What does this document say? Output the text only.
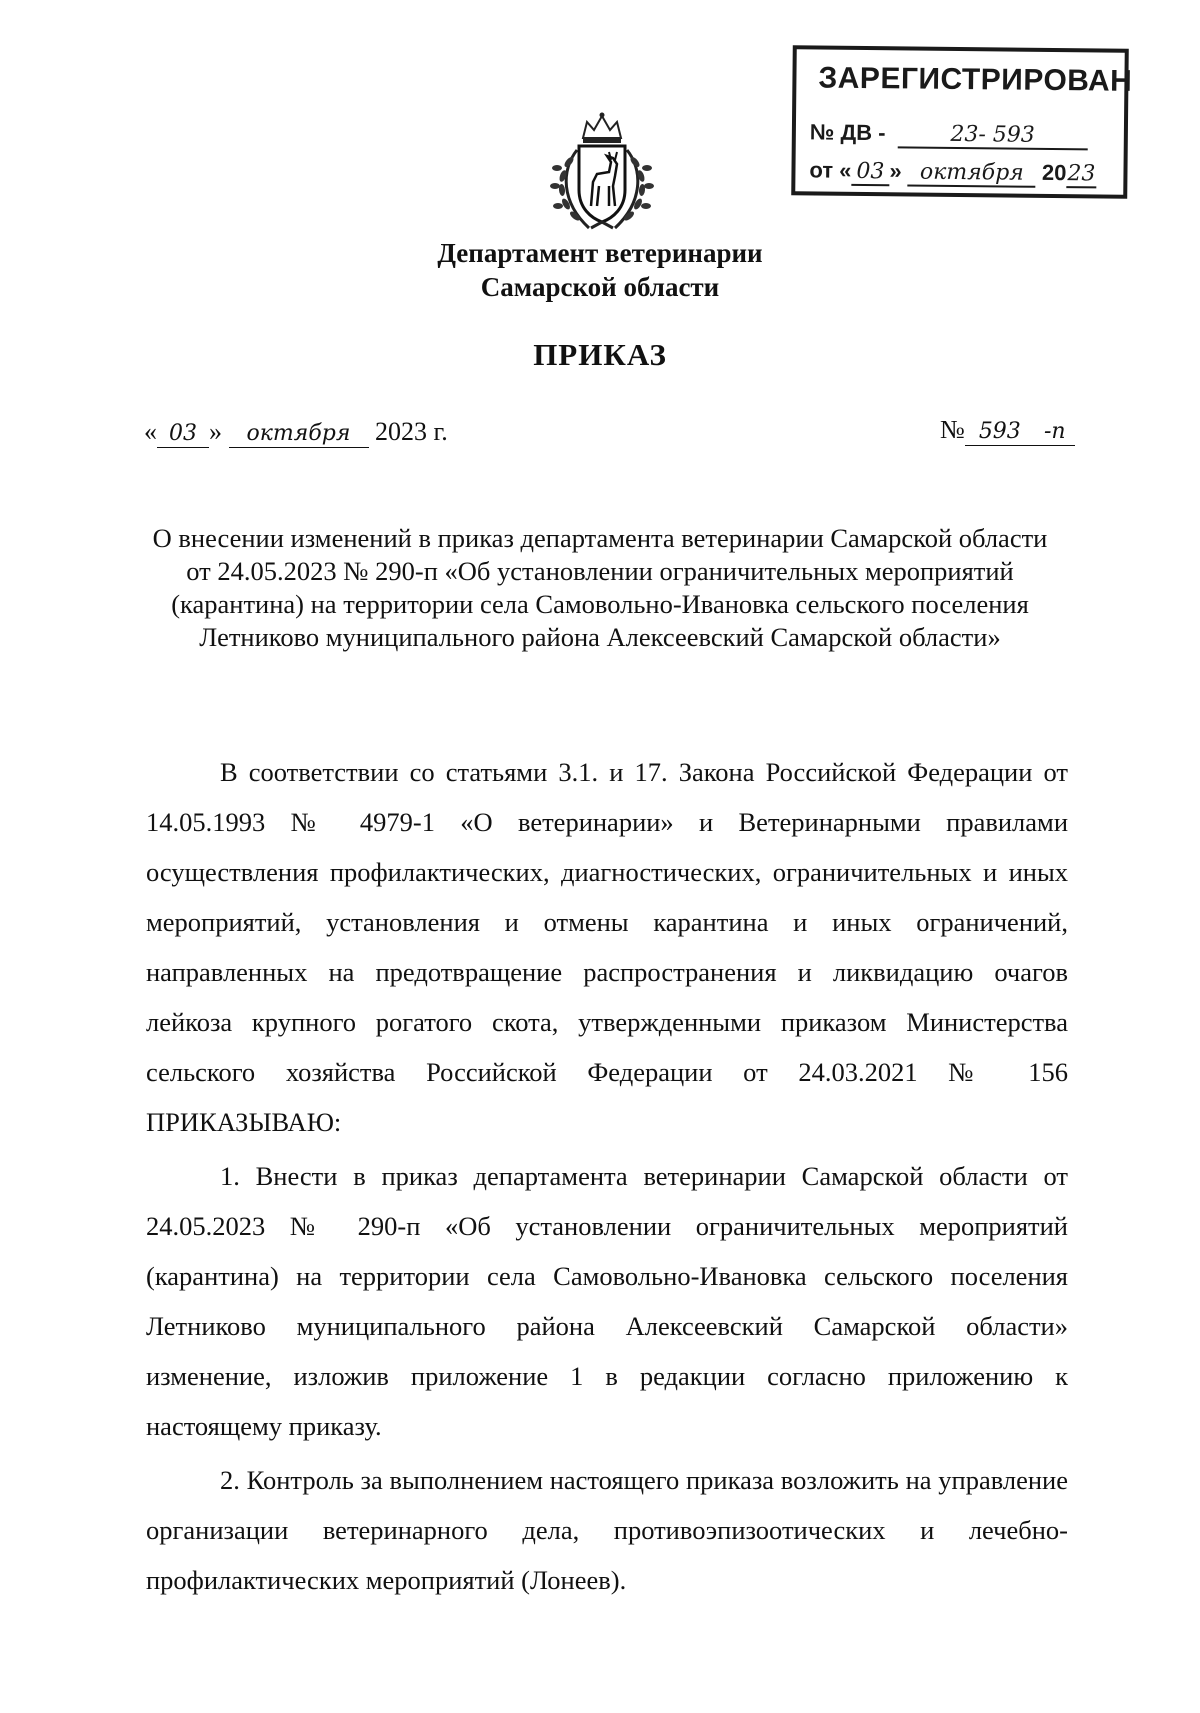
ЗАРЕГИСТРИРОВАН
№ ДВ -	23- 593
от « 03 » октября 2023
Департамент ветеринарии
Самарской области
ПРИКАЗ
« 03 » октября 2023 г.	№ 593 -п
О внесении изменений в приказ департамента ветеринарии Самарской области от 24.05.2023 № 290-п «Об установлении ограничительных мероприятий (карантина) на территории села Самовольно-Ивановка сельского поселения Летниково муниципального района Алексеевский Самарской области»

В соответствии со статьями 3.1. и 17. Закона Российской Федерации от 14.05.1993 № 4979-1 «О ветеринарии» и Ветеринарными правилами осуществления профилактических, диагностических, ограничительных и иных мероприятий, установления и отмены карантина и иных ограничений, направленных на предотвращение распространения и ликвидацию очагов лейкоза крупного рогатого скота, утвержденными приказом Министерства сельского хозяйства Российской Федерации от 24.03.2021 № 156 ПРИКАЗЫВАЮ:

1. Внести в приказ департамента ветеринарии Самарской области от 24.05.2023 № 290-п «Об установлении ограничительных мероприятий (карантина) на территории села Самовольно-Ивановка сельского поселения Летниково муниципального района Алексеевский Самарской области» изменение, изложив приложение 1 в редакции согласно приложению к настоящему приказу.

2. Контроль за выполнением настоящего приказа возложить на управление организации ветеринарного дела, противоэпизоотических и лечебно-профилактических мероприятий (Лонеев).
